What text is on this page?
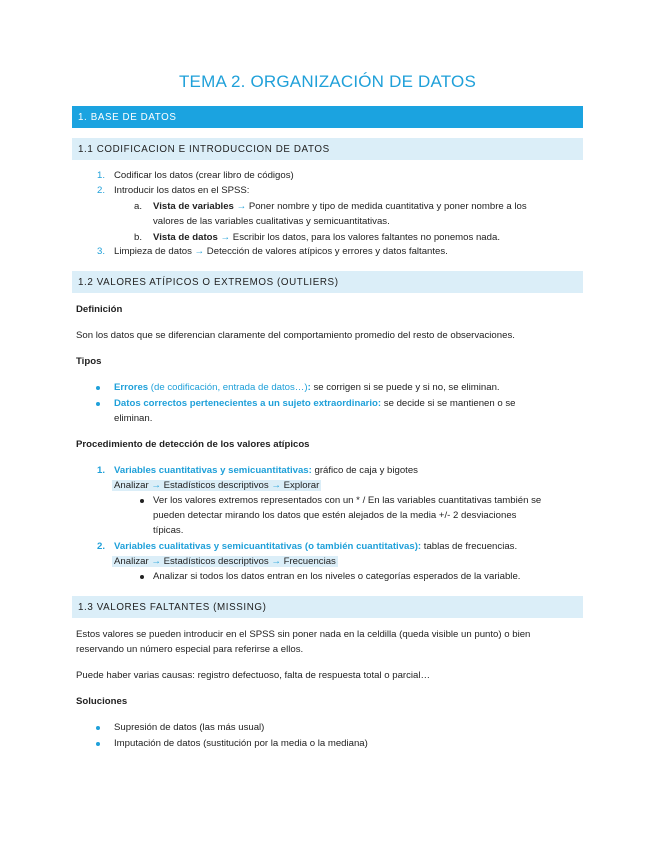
TEMA 2. ORGANIZACIÓN DE DATOS
1. BASE DE DATOS
1.1 CODIFICACION E INTRODUCCION DE DATOS
1. Codificar los datos (crear libro de códigos)
2. Introducir los datos en el SPSS:
a. Vista de variables → Poner nombre y tipo de medida cuantitativa y poner nombre a los
valores de las variables cualitativas y semicuantitativas.
b. Vista de datos → Escribir los datos, para los valores faltantes no ponemos nada.
3. Limpieza de datos → Detección de valores atípicos y errores y datos faltantes.
1.2 VALORES ATÍPICOS O EXTREMOS (OUTLIERS)
Definición
Son los datos que se diferencian claramente del comportamiento promedio del resto de observaciones.
Tipos
Errores (de codificación, entrada de datos…): se corrigen si se puede y si no, se eliminan.
Datos correctos pertenecientes a un sujeto extraordinario: se decide si se mantienen o se
eliminan.
Procedimiento de detección de los valores atípicos
1. Variables cuantitativas y semicuantitativas: gráfico de caja y bigotes
Analizar → Estadísticos descriptivos → Explorar
Ver los valores extremos representados con un * / En las variables cuantitativas también se
pueden detectar mirando los datos que estén alejados de la media +/- 2 desviaciones
típicas.
2. Variables cualitativas y semicuantitativas (o también cuantitativas): tablas de frecuencias.
Analizar → Estadísticos descriptivos → Frecuencias
Analizar si todos los datos entran en los niveles o categorías esperados de la variable.
1.3 VALORES FALTANTES (MISSING)
Estos valores se pueden introducir en el SPSS sin poner nada en la celdilla (queda visible un punto) o bien
reservando un número especial para referirse a ellos.
Puede haber varias causas: registro defectuoso, falta de respuesta total o parcial…
Soluciones
Supresión de datos (las más usual)
Imputación de datos (sustitución por la media o la mediana)
